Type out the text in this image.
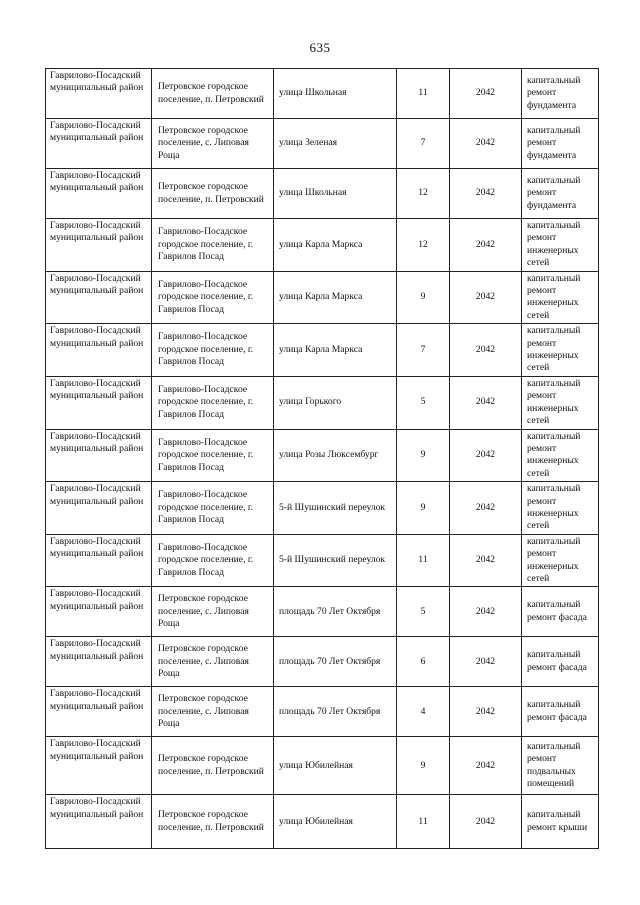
635
Гаврилово-Посадский муниципальный район	Петровское городское поселение, п. Петровский	улица Школьная	11	2042	капитальный ремонт фундамента
Гаврилово-Посадский муниципальный район	Петровское городское поселение, с. Липовая Роща	улица Зеленая	7	2042	капитальный ремонт фундамента
Гаврилово-Посадский муниципальный район	Петровское городское поселение, п. Петровский	улица Школьная	12	2042	капитальный ремонт фундамента
Гаврилово-Посадский муниципальный район	Гаврилово-Посадское городское поселение, г. Гаврилов Посад	улица Карла Маркса	12	2042	капитальный ремонт инженерных сетей
Гаврилово-Посадский муниципальный район	Гаврилово-Посадское городское поселение, г. Гаврилов Посад	улица Карла Маркса	9	2042	капитальный ремонт инженерных сетей
Гаврилово-Посадский муниципальный район	Гаврилово-Посадское городское поселение, г. Гаврилов Посад	улица Карла Маркса	7	2042	капитальный ремонт инженерных сетей
Гаврилово-Посадский муниципальный район	Гаврилово-Посадское городское поселение, г. Гаврилов Посад	улица Горького	5	2042	капитальный ремонт инженерных сетей
Гаврилово-Посадский муниципальный район	Гаврилово-Посадское городское поселение, г. Гаврилов Посад	улица Розы Люксембург	9	2042	капитальный ремонт инженерных сетей
Гаврилово-Посадский муниципальный район	Гаврилово-Посадское городское поселение, г. Гаврилов Посад	5-й Шушинский переулок	9	2042	капитальный ремонт инженерных сетей
Гаврилово-Посадский муниципальный район	Гаврилово-Посадское городское поселение, г. Гаврилов Посад	5-й Шушинский переулок	11	2042	капитальный ремонт инженерных сетей
Гаврилово-Посадский муниципальный район	Петровское городское поселение, с. Липовая Роща	площадь 70 Лет Октября	5	2042	капитальный ремонт фасада
Гаврилово-Посадский муниципальный район	Петровское городское поселение, с. Липовая Роща	площадь 70 Лет Октября	6	2042	капитальный ремонт фасада
Гаврилово-Посадский муниципальный район	Петровское городское поселение, с. Липовая Роща	площадь 70 Лет Октября	4	2042	капитальный ремонт фасада
Гаврилово-Посадский муниципальный район	Петровское городское поселение, п. Петровский	улица Юбилейная	9	2042	капитальный ремонт подвальных помещений
Гаврилово-Посадский муниципальный район	Петровское городское поселение, п. Петровский	улица Юбилейная	11	2042	капитальный ремонт крыши
